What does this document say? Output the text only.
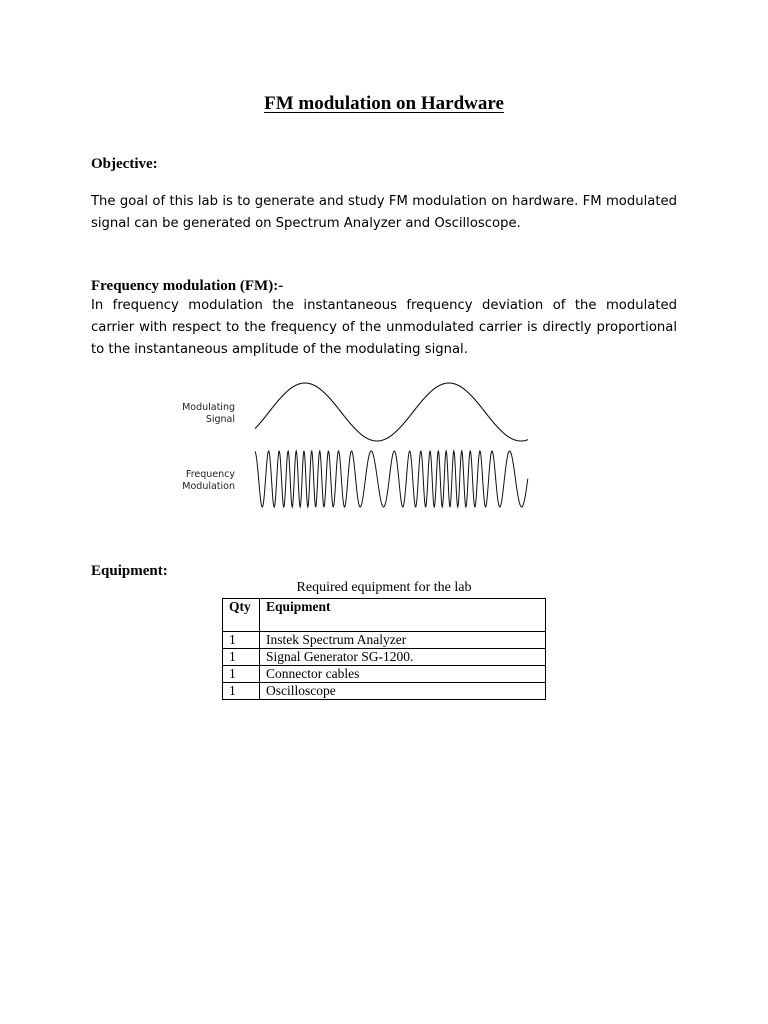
FM modulation on Hardware
Objective:

The goal of this lab is to generate and study FM modulation on hardware. FM modulated signal can be generated on Spectrum Analyzer and Oscilloscope.

Frequency modulation (FM):-

In frequency modulation the instantaneous frequency deviation of the modulated carrier with respect to the frequency of the unmodulated carrier is directly proportional to the instantaneous amplitude of the modulating signal.

Modulating
Signal
Frequency
Modulation
Equipment:
Required equipment for the lab
Qty	Equipment
1	Instek Spectrum Analyzer
1	Signal Generator SG-1200.
1	Connector cables
1	Oscilloscope
